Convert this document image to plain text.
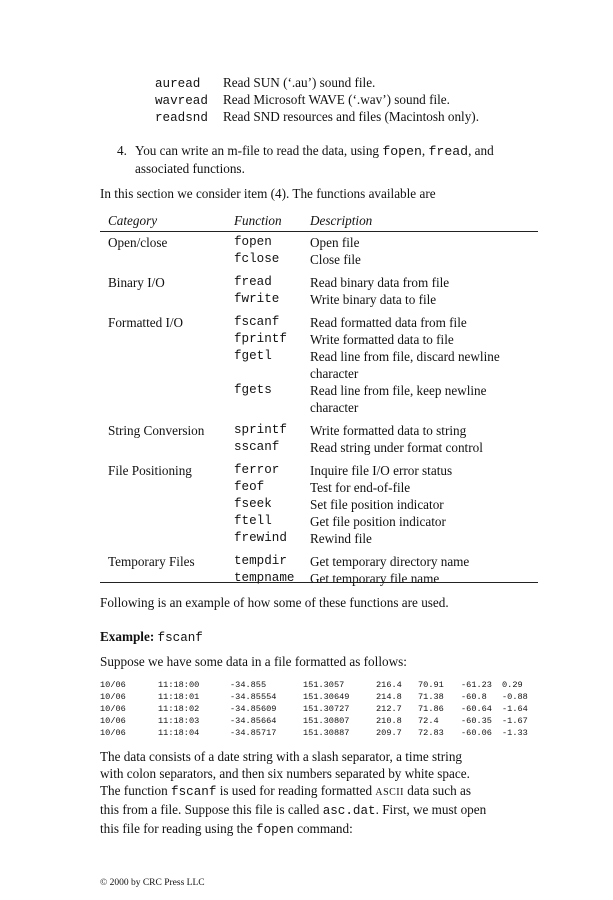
auread Read SUN (‘.au’) sound file.
wavread Read Microsoft WAVE (‘.wav’) sound file.
readsnd Read SND resources and files (Macintosh only).
4. You can write an m-file to read the data, using fopen, fread, and associated functions.
In this section we consider item (4). The functions available are
Category	Function Description
Open/close	fopen	Open file
fclose Close file
Binary I/O	fread	Read binary data from file
fwrite Write binary data to file
Formatted I/O	fscanf Read formatted data from file
fprintf Write formatted data to file
fgetl	Read line from file, discard newline
character
fgets	Read line from file, keep newline
character
String Conversion sprintf Write formatted data to string
sscanf Read string under format control
File Positioning	ferror Inquire file I/O error status
feof	Test for end-of-file
fseek	Set file position indicator
ftell	Get file position indicator
frewind Rewind file
Temporary Files	tempdir Get temporary directory name
tempname Get temporary file name
Following is an example of how some of these functions are used.
Example: fscanf
Suppose we have some data in a file formatted as follows:
10/06	11:18:00	-34.855	151.3057	216.4 70.91 -61.23 0.29
10/06	11:18:01	-34.85554	151.30649	214.8 71.38 -60.8 -0.88
10/06	11:18:02	-34.85609	151.30727	212.7 71.86 -60.64 -1.64
10/06	11:18:03	-34.85664	151.30807	210.8 72.4	-60.35 -1.67
10/06	11:18:04	-34.85717	151.30887	209.7 72.83 -60.06 -1.33
The data consists of a date string with a slash separator, a time string
with colon separators, and then six numbers separated by white space.
The function fscanf is used for reading formatted ASCII data such as
this from a file. Suppose this file is called asc.dat. First, we must open
this file for reading using the fopen command:
© 2000 by CRC Press LLC
